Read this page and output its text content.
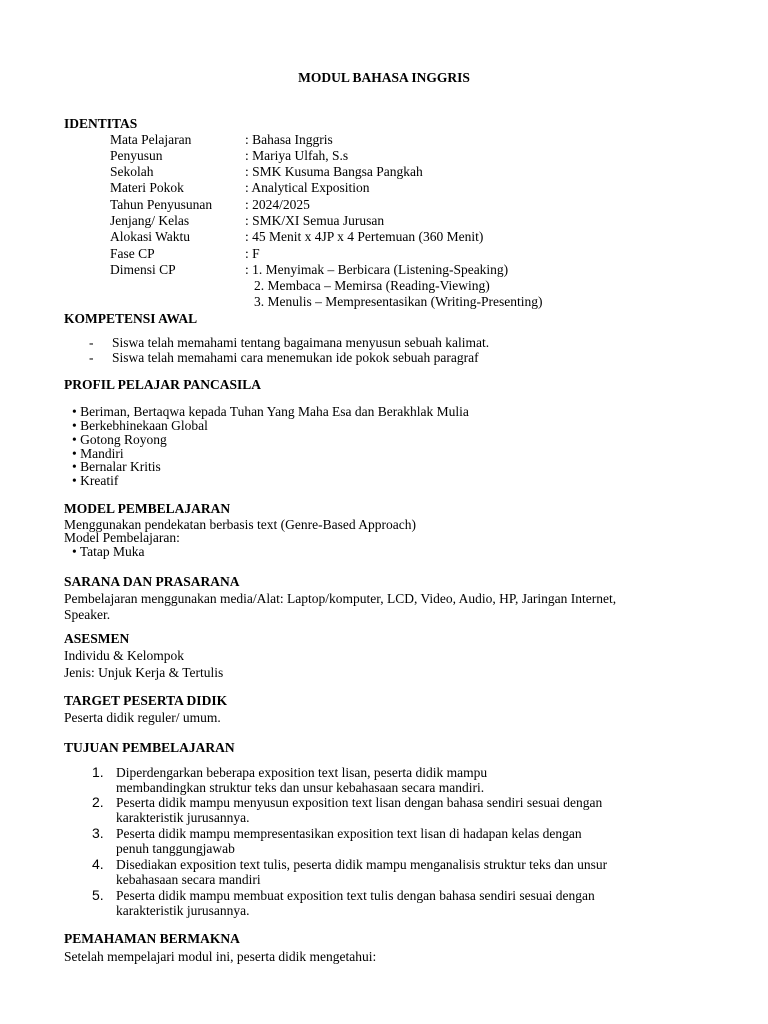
MODUL BAHASA INGGRIS
IDENTITAS
Mata Pelajaran	: Bahasa Inggris
Penyusun	: Mariya Ulfah, S.s
Sekolah	: SMK Kusuma Bangsa Pangkah
Materi Pokok	: Analytical Exposition
Tahun Penyusunan : 2024/2025
Jenjang/ Kelas	: SMK/XI Semua Jurusan
Alokasi Waktu	: 45 Menit x 4JP x 4 Pertemuan (360 Menit)
Fase CP	: F
Dimensi CP	: 1. Menyimak – Berbicara (Listening-Speaking)
2. Membaca – Memirsa (Reading-Viewing)
3. Menulis – Mempresentasikan (Writing-Presenting)
KOMPETENSI AWAL
- Siswa telah memahami tentang bagaimana menyusun sebuah kalimat.
- Siswa telah memahami cara menemukan ide pokok sebuah paragraf
PROFIL PELAJAR PANCASILA
• Beriman, Bertaqwa kepada Tuhan Yang Maha Esa dan Berakhlak Mulia
• Berkebhinekaan Global
• Gotong Royong
• Mandiri
• Bernalar Kritis
• Kreatif
MODEL PEMBELAJARAN
Menggunakan pendekatan berbasis text (Genre-Based Approach)
Model Pembelajaran:
• Tatap Muka
SARANA DAN PRASARANA
Pembelajaran menggunakan media/Alat: Laptop/komputer, LCD, Video, Audio, HP, Jaringan Internet,
Speaker.
ASESMEN
Individu & Kelompok
Jenis: Unjuk Kerja & Tertulis
TARGET PESERTA DIDIK
Peserta didik reguler/ umum.
TUJUAN PEMBELAJARAN
1. Diperdengarkan beberapa exposition text lisan, peserta didik mampu
membandingkan struktur teks dan unsur kebahasaan secara mandiri.
2. Peserta didik mampu menyusun exposition text lisan dengan bahasa sendiri sesuai dengan
karakteristik jurusannya.
3. Peserta didik mampu mempresentasikan exposition text lisan di hadapan kelas dengan
penuh tanggungjawab
4. Disediakan exposition text tulis, peserta didik mampu menganalisis struktur teks dan unsur
kebahasaan secara mandiri
5. Peserta didik mampu membuat exposition text tulis dengan bahasa sendiri sesuai dengan
karakteristik jurusannya.
PEMAHAMAN BERMAKNA
Setelah mempelajari modul ini, peserta didik mengetahui:
